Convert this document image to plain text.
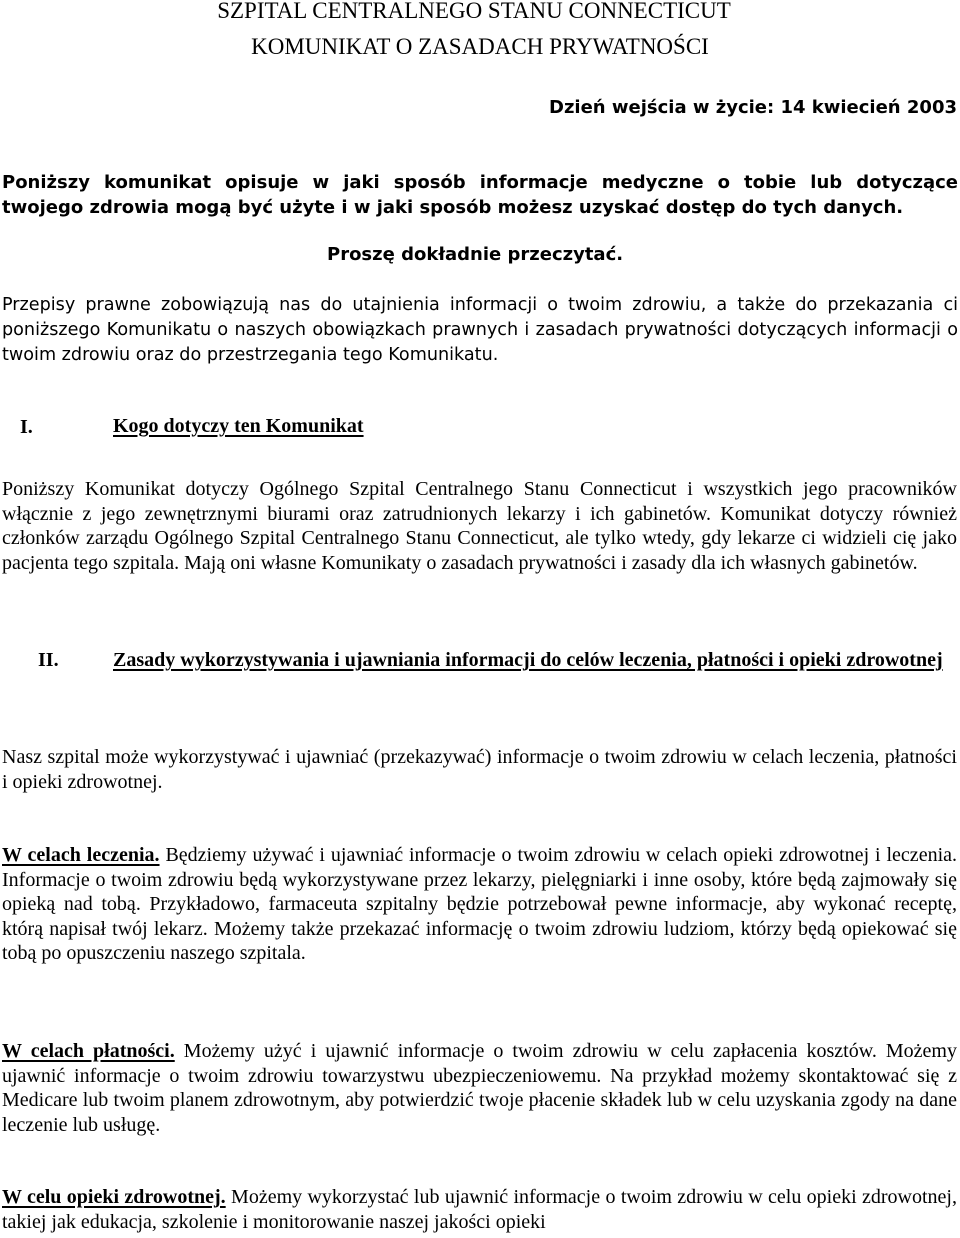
SZPITAL CENTRALNEGO STANU CONNECTICUT
KOMUNIKAT O ZASADACH PRYWATNOŚCI
Dzień wejścia w życie: 14 kwiecień 2003

Poniższy komunikat opisuje w jaki sposób informacje medyczne o tobie lub dotyczące twojego zdrowia mogą być użyte i w jaki sposób możesz uzyskać dostęp do tych danych.

Proszę dokładnie przeczytać.

Przepisy prawne zobowiązują nas do utajnienia informacji o twoim zdrowiu, a także do przekazania ci poniższego Komunikatu o naszych obowiązkach prawnych i zasadach prywatności dotyczących informacji o twoim zdrowiu oraz do przestrzegania tego Komunikatu.

I.	Kogo dotyczy ten Komunikat

Poniższy Komunikat dotyczy Ogólnego Szpital Centralnego Stanu Connecticut i wszystkich jego pracowników włącznie z jego zewnętrznymi biurami oraz zatrudnionych lekarzy i ich gabinetów. Komunikat dotyczy również członków zarządu Ogólnego Szpital Centralnego Stanu Connecticut, ale tylko wtedy, gdy lekarze ci widzieli cię jako pacjenta tego szpitala. Mają oni własne Komunikaty o zasadach prywatności i zasady dla ich własnych gabinetów.

II.	Zasady wykorzystywania i ujawniania informacji do celów leczenia, płatności i opieki zdrowotnej

Nasz szpital może wykorzystywać i ujawniać (przekazywać) informacje o twoim zdrowiu w celach leczenia, płatności i opieki zdrowotnej.

W celach leczenia. Będziemy używać i ujawniać informacje o twoim zdrowiu w celach opieki zdrowotnej i leczenia. Informacje o twoim zdrowiu będą wykorzystywane przez lekarzy, pielęgniarki i inne osoby, które będą zajmowały się opieką nad tobą. Przykładowo, farmaceuta szpitalny będzie potrzebował pewne informacje, aby wykonać receptę, którą napisał twój lekarz. Możemy także przekazać informację o twoim zdrowiu ludziom, którzy będą opiekować się tobą po opuszczeniu naszego szpitala.

W celach płatności. Możemy użyć i ujawnić informacje o twoim zdrowiu w celu zapłacenia kosztów. Możemy ujawnić informacje o twoim zdrowiu towarzystwu ubezpieczeniowemu. Na przykład możemy skontaktować się z Medicare lub twoim planem zdrowotnym, aby potwierdzić twoje płacenie składek lub w celu uzyskania zgody na dane leczenie lub usługę.

W celu opieki zdrowotnej. Możemy wykorzystać lub ujawnić informacje o twoim zdrowiu w celu opieki zdrowotnej, takiej jak edukacja, szkolenie i monitorowanie naszej jakości opieki
